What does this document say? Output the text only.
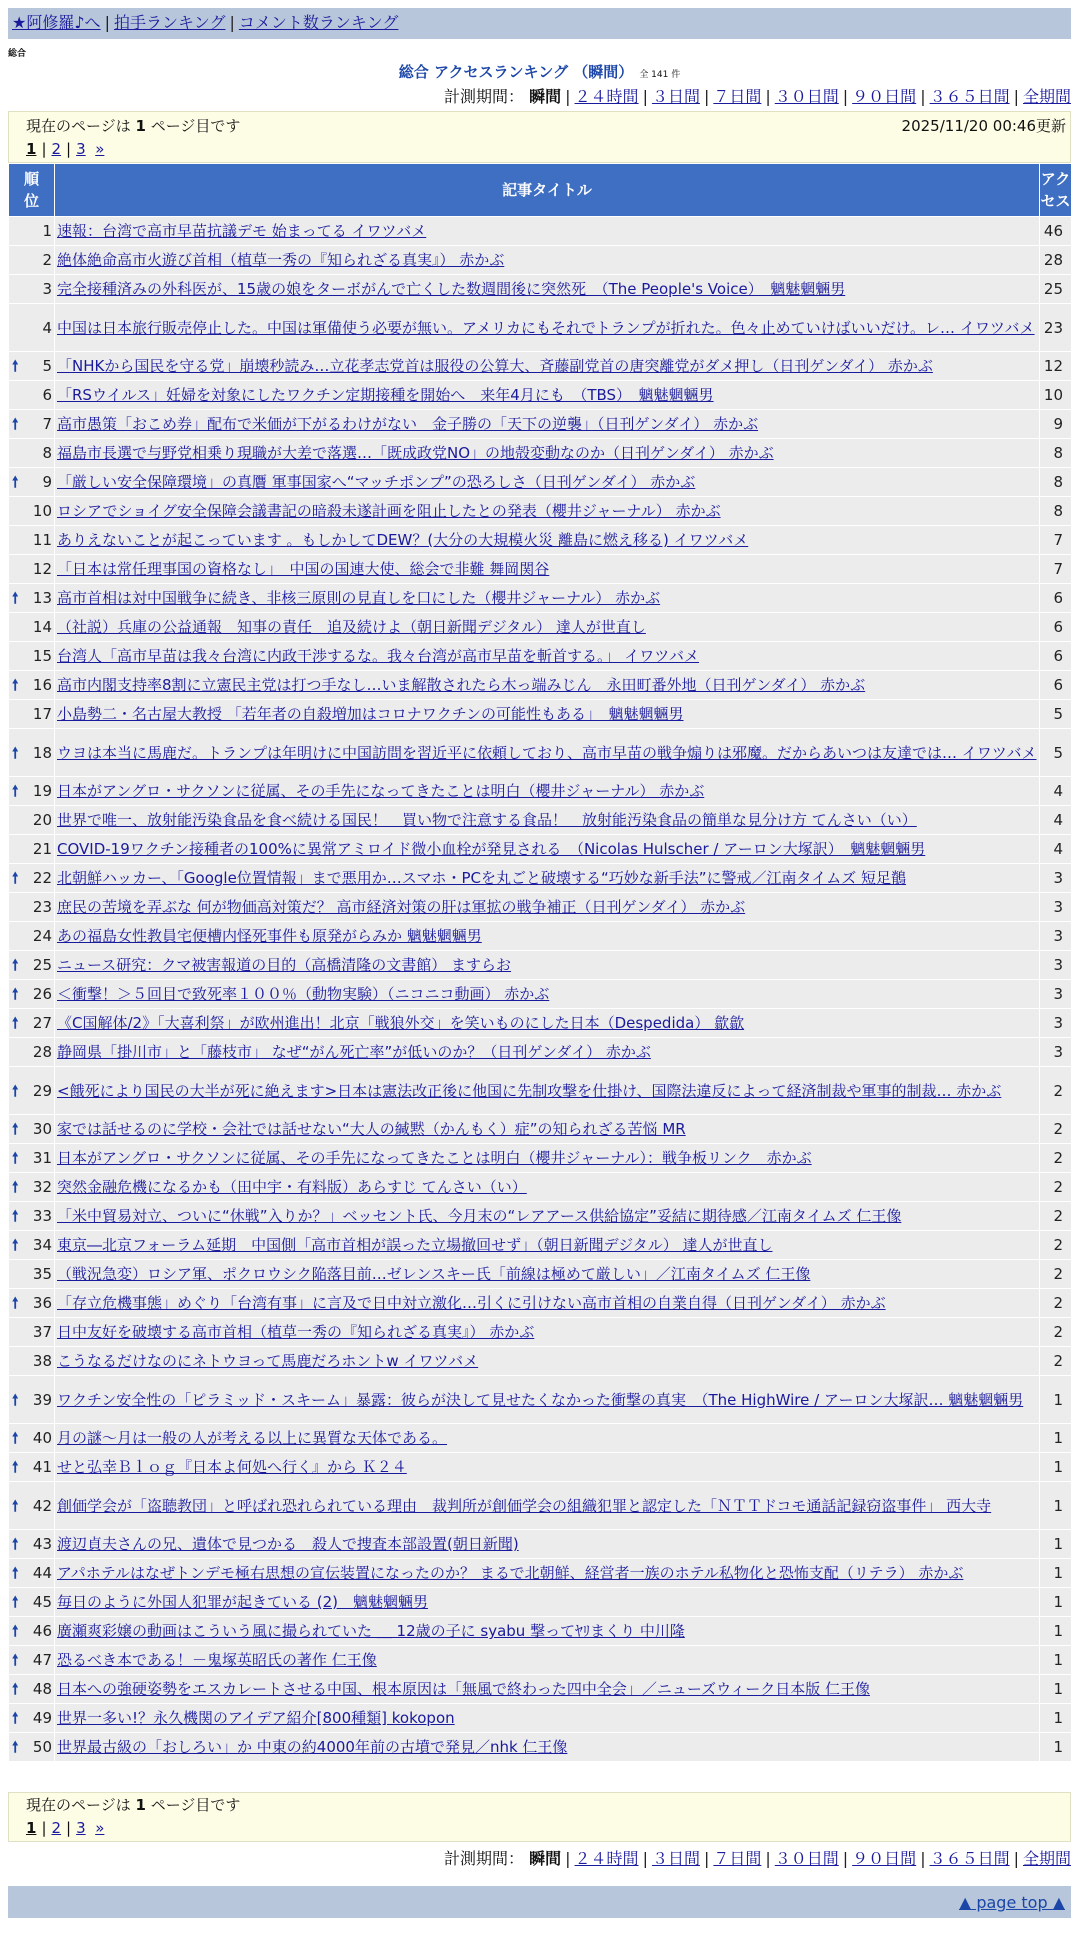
★阿修羅♪へ | 拍手ランキング | コメント数ランキング
総合
総合 アクセスランキング （瞬間） 全 141 件
計測期間： 瞬間 | ２４時間 | ３日間 | ７日間 | ３０日間 | ９０日間 | ３６５日間 | 全期間
現在のページは 1 ページ目です	2025/11/20 00:46更新
1 | 2 | 3 »
順位	記事タイトル	アクセス
1	速報：台湾で高市早苗抗議デモ 始まってる イワツバメ	46
2	絶体絶命高市火遊び首相（植草一秀の『知られざる真実』） 赤かぶ	28
3	完全接種済みの外科医が、15歳の娘をターボがんで亡くした数週間後に突然死　（The People's Voice）　魑魅魍魎男	25
4	中国は日本旅行販売停止した。中国は軍備使う必要が無い。アメリカにもそれでトランプが折れた。色々止めていけばいいだけ。レ… イワツバメ	23

🠕 5	「NHKから国民を守る党」崩壊秒読み…立花孝志党首は服役の公算大、斉藤副党首の唐突離党がダメ押し（日刊ゲンダイ） 赤かぶ	12
6	「RSウイルス」妊婦を対象にしたワクチン定期接種を開始へ　来年4月にも　（TBS）　魑魅魍魎男	10

🠕 7	高市愚策「おこめ券」配布で米価が下がるわけがない　金子勝の「天下の逆襲」（日刊ゲンダイ） 赤かぶ	9
8	福島市長選で与野党相乗り現職が大差で落選…「既成政党NO」の地殻変動なのか（日刊ゲンダイ） 赤かぶ	8

🠕 9	「厳しい安全保障環境」の真贋 軍事国家へ“マッチポンプ”の恐ろしさ（日刊ゲンダイ） 赤かぶ	8
10	ロシアでショイグ安全保障会議書記の暗殺未遂計画を阻止したとの発表（櫻井ジャーナル） 赤かぶ	8
11	ありえないことが起こっています 。もしかしてDEW？(大分の大規模火災 離島に燃え移る) イワツバメ	7
12	「日本は常任理事国の資格なし」　中国の国連大使、総会で非難 舞岡関谷	7

🠕 13	高市首相は対中国戦争に続き、非核三原則の見直しを口にした（櫻井ジャーナル） 赤かぶ	6
14	（社説）兵庫の公益通報　知事の責任　追及続けよ（朝日新聞デジタル） 達人が世直し	6
15	台湾人「高市早苗は我々台湾に内政干渉するな。我々台湾が高市早苗を斬首する。」 イワツバメ	6

🠕 16	高市内閣支持率8割に立憲民主党は打つ手なし…いま解散されたら木っ端みじん　永田町番外地（日刊ゲンダイ） 赤かぶ	6
17	小島勢二・名古屋大教授 「若年者の自殺増加はコロナワクチンの可能性もある」　魑魅魍魎男	5

🠕 18	ウヨは本当に馬鹿だ。トランプは年明けに中国訪問を習近平に依頼しており、高市早苗の戦争煽りは邪魔。だからあいつは友達では… イワツバメ	5

🠕 19	日本がアングロ・サクソンに従属、その手先になってきたことは明白（櫻井ジャーナル） 赤かぶ	4
20	世界で唯一、放射能汚染食品を食べ続ける国民！　買い物で注意する食品！　放射能汚染食品の簡単な見分け方 てんさい（い）	4
21	COVID-19ワクチン接種者の100%に異常アミロイド微小血栓が発見される　（Nicolas Hulscher / アーロン大塚訳）　魑魅魍魎男	4

🠕 22	北朝鮮ハッカー、「Google位置情報」まで悪用か…スマホ・PCを丸ごと破壊する“巧妙な新手法”に警戒／江南タイムズ 短足鶺	3
23	庶民の苦境を弄ぶな 何が物価高対策だ？ 高市経済対策の肝は軍拡の戦争補正（日刊ゲンダイ） 赤かぶ	3
24	あの福島女性教員宅便槽内怪死事件も原発がらみか 魑魅魍魎男	3

🠕 25	ニュース研究：クマ被害報道の目的（高橋清隆の文書館） ますらお	3

🠕 26	＜衝撃！＞５回目で致死率１００％（動物実験）（ニコニコ動画） 赤かぶ	3

🠕 27	《C国解体/2》「大喜利祭」が欧州進出！北京「戦狼外交」を笑いものにした日本（Despedida） 歙歙	3
28	静岡県「掛川市」と「藤枝市」 なぜ“がん死亡率”が低いのか？（日刊ゲンダイ） 赤かぶ	3

🠕 29	<餓死により国民の大半が死に絶えます>日本は憲法改正後に他国に先制攻撃を仕掛け、国際法違反によって経済制裁や軍事的制裁… 赤かぶ	2

🠕 30	家では話せるのに学校・会社では話せない“大人の緘黙（かんもく）症”の知られざる苦悩 MR	2

🠕 31	日本がアングロ・サクソンに従属、その手先になってきたことは明白（櫻井ジャーナル）：戦争板リンク　赤かぶ	2

🠕 32	突然金融危機になるかも（田中宇・有料版）あらすじ てんさい（い）	2

🠕 33	「米中貿易対立、ついに“休戦”入りか？」ベッセント氏、今月末の“レアアース供給協定”妥結に期待感／江南タイムズ 仁王像	2

🠕 34	東京―北京フォーラム延期　中国側「高市首相が誤った立場撤回せず」（朝日新聞デジタル） 達人が世直し	2
35	（戦況急変）ロシア軍、ポクロウシク陥落目前…ゼレンスキー氏「前線は極めて厳しい」／江南タイムズ 仁王像	2

🠕 36	「存立危機事態」めぐり「台湾有事」に言及で日中対立激化…引くに引けない高市首相の自業自得（日刊ゲンダイ） 赤かぶ	2
37	日中友好を破壊する高市首相（植草一秀の『知られざる真実』） 赤かぶ	2
38	こうなるだけなのにネトウヨって馬鹿だろホントw イワツバメ	2

🠕 39	ワクチン安全性の「ピラミッド・スキーム」暴露：彼らが決して見せたくなかった衝撃の真実　（The HighWire / アーロン大塚訳… 魑魅魍魎男	1

🠕 40	月の謎～月は一般の人が考える以上に異質な天体である。	1

🠕 41	せと弘幸Ｂｌｏｇ『日本よ何処へ行く』から Ｋ２４	1

🠕 42	創価学会が「盗聴教団」と呼ばれ恐れられている理由　裁判所が創価学会の組織犯罪と認定した「ＮＴＴドコモ通話記録窃盗事件」 西大寺	1

🠕 43	渡辺貞夫さんの兄、遺体で見つかる　殺人で捜査本部設置(朝日新聞)	1

🠕 44	アパホテルはなぜトンデモ極右思想の宣伝装置になったのか？ まるで北朝鮮、経営者一族のホテル私物化と恐怖支配（リテラ） 赤かぶ	1

🠕 45	毎日のように外国人犯罪が起きている (2)　魑魅魍魎男	1

🠕 46	廣瀬爽彩嬢の動画はこういう風に撮られていた ＿ 12歳の子に syabu 撃ってﾔﾘまくり 中川隆	1

🠕 47	恐るべき本である！－鬼塚英昭氏の著作 仁王像	1

🠕 48	日本への強硬姿勢をエスカレートさせる中国、根本原因は「無風で終わった四中全会」／ニューズウィーク日本版 仁王像	1

🠕 49	世界一多い!？永久機関のアイデア紹介[800種類] kokopon	1

🠕 50	世界最古級の「おしろい」か 中東の約4000年前の古墳で発見／nhk 仁王像	1
現在のページは 1 ページ目です
1 | 2 | 3 »
計測期間： 瞬間 | ２４時間 | ３日間 | ７日間 | ３０日間 | ９０日間 | ３６５日間 | 全期間
▲ page top ▲
